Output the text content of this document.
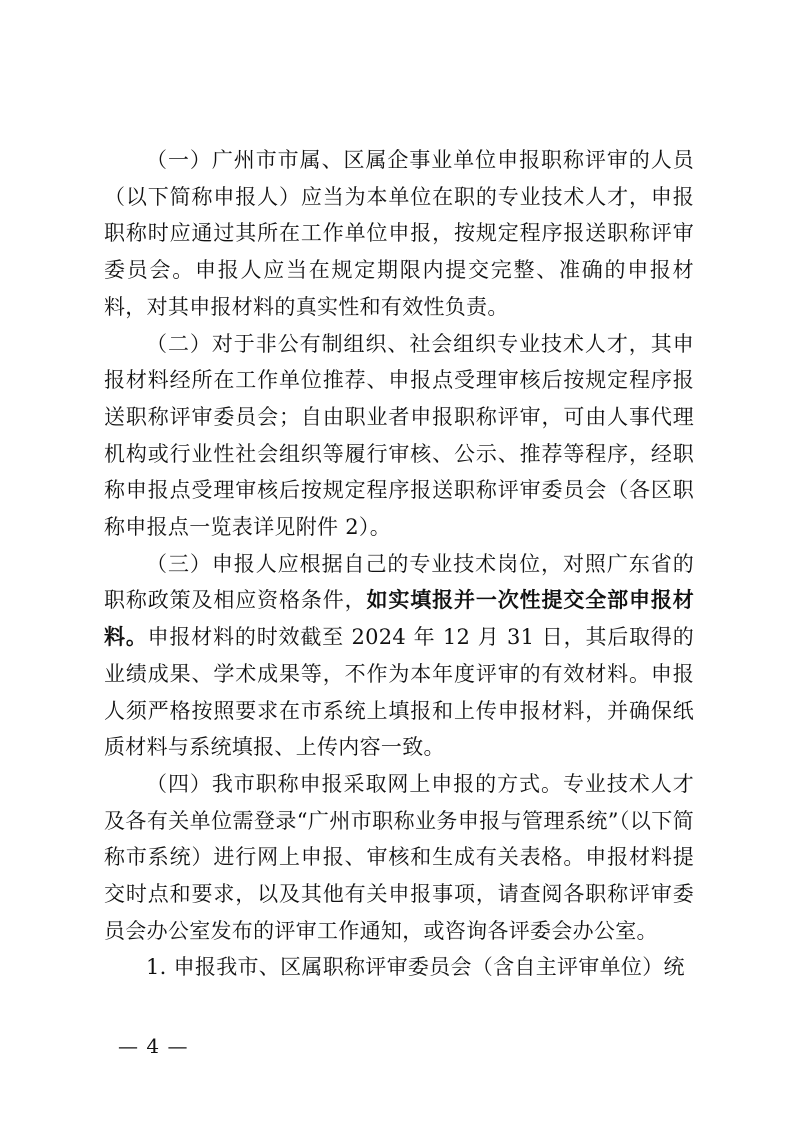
（一）广州市市属、区属企事业单位申报职称评审的人员（以下简称申报人）应当为本单位在职的专业技术人才，申报职称时应通过其所在工作单位申报，按规定程序报送职称评审委员会。申报人应当在规定期限内提交完整、准确的申报材料，对其申报材料的真实性和有效性负责。

（二）对于非公有制组织、社会组织专业技术人才，其申报材料经所在工作单位推荐、申报点受理审核后按规定程序报送职称评审委员会；自由职业者申报职称评审，可由人事代理机构或行业性社会组织等履行审核、公示、推荐等程序，经职称申报点受理审核后按规定程序报送职称评审委员会（各区职称申报点一览表详见附件 2）。

（三）申报人应根据自己的专业技术岗位，对照广东省的职称政策及相应资格条件，如实填报并一次性提交全部申报材料。申报材料的时效截至 2024 年 12 月 31 日，其后取得的业绩成果、学术成果等，不作为本年度评审的有效材料。申报人须严格按照要求在市系统上填报和上传申报材料，并确保纸质材料与系统填报、上传内容一致。

（四）我市职称申报采取网上申报的方式。专业技术人才及各有关单位需登录“广州市职称业务申报与管理系统”（以下简称市系统）进行网上申报、审核和生成有关表格。申报材料提交时点和要求，以及其他有关申报事项，请查阅各职称评审委员会办公室发布的评审工作通知，或咨询各评委会办公室。

1. 申报我市、区属职称评审委员会（含自主评审单位）统

— 4 —
